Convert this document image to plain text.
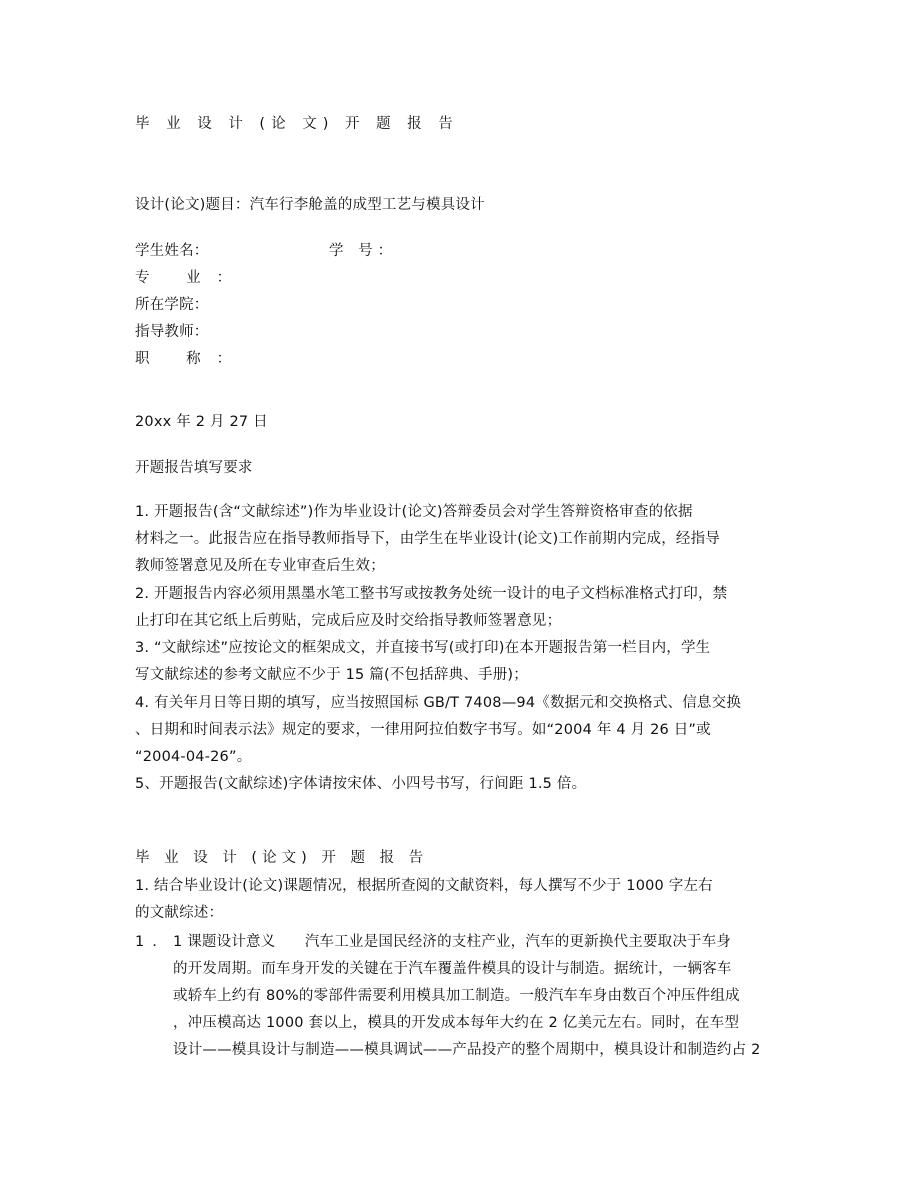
毕 业 设 计 (论 文) 开 题 报 告
设计(论文)题目：汽车行李舱盖的成型工艺与模具设计
学生姓名：	学 号：
专 业：
所在学院：
指导教师：
职 称：
20xx 年 2 月 27 日
开题报告填写要求
1. 开题报告(含“文献综述”)作为毕业设计(论文)答辩委员会对学生答辩资格审查的依据
材料之一。此报告应在指导教师指导下，由学生在毕业设计(论文)工作前期内完成，经指导
教师签署意见及所在专业审查后生效；
2. 开题报告内容必须用黑墨水笔工整书写或按教务处统一设计的电子文档标准格式打印，禁
止打印在其它纸上后剪贴，完成后应及时交给指导教师签署意见；
3. “文献综述”应按论文的框架成文，并直接书写(或打印)在本开题报告第一栏目内，学生
写文献综述的参考文献应不少于 15 篇(不包括辞典、手册)；
4. 有关年月日等日期的填写，应当按照国标 GB/T 7408—94《数据元和交换格式、信息交换
、日期和时间表示法》规定的要求，一律用阿拉伯数字书写。如“2004 年 4 月 26 日”或
“2004-04-26”。
5、开题报告(文献综述)字体请按宋体、小四号书写，行间距 1.5 倍。
毕 业 设 计 (论文) 开 题 报 告
1. 结合毕业设计(论文)课题情况，根据所查阅的文献资料，每人撰写不少于 1000 字左右
的文献综述：
1. 1 课题设计意义　　汽车工业是国民经济的支柱产业，汽车的更新换代主要取决于车身
的开发周期。而车身开发的关键在于汽车覆盖件模具的设计与制造。据统计，一辆客车
或轿车上约有 80%的零部件需要利用模具加工制造。一般汽车车身由数百个冲压件组成
，冲压模高达 1000 套以上，模具的开发成本每年大约在 2 亿美元左右。同时，在车型
设计——模具设计与制造——模具调试——产品投产的整个周期中，模具设计和制造约占 2
